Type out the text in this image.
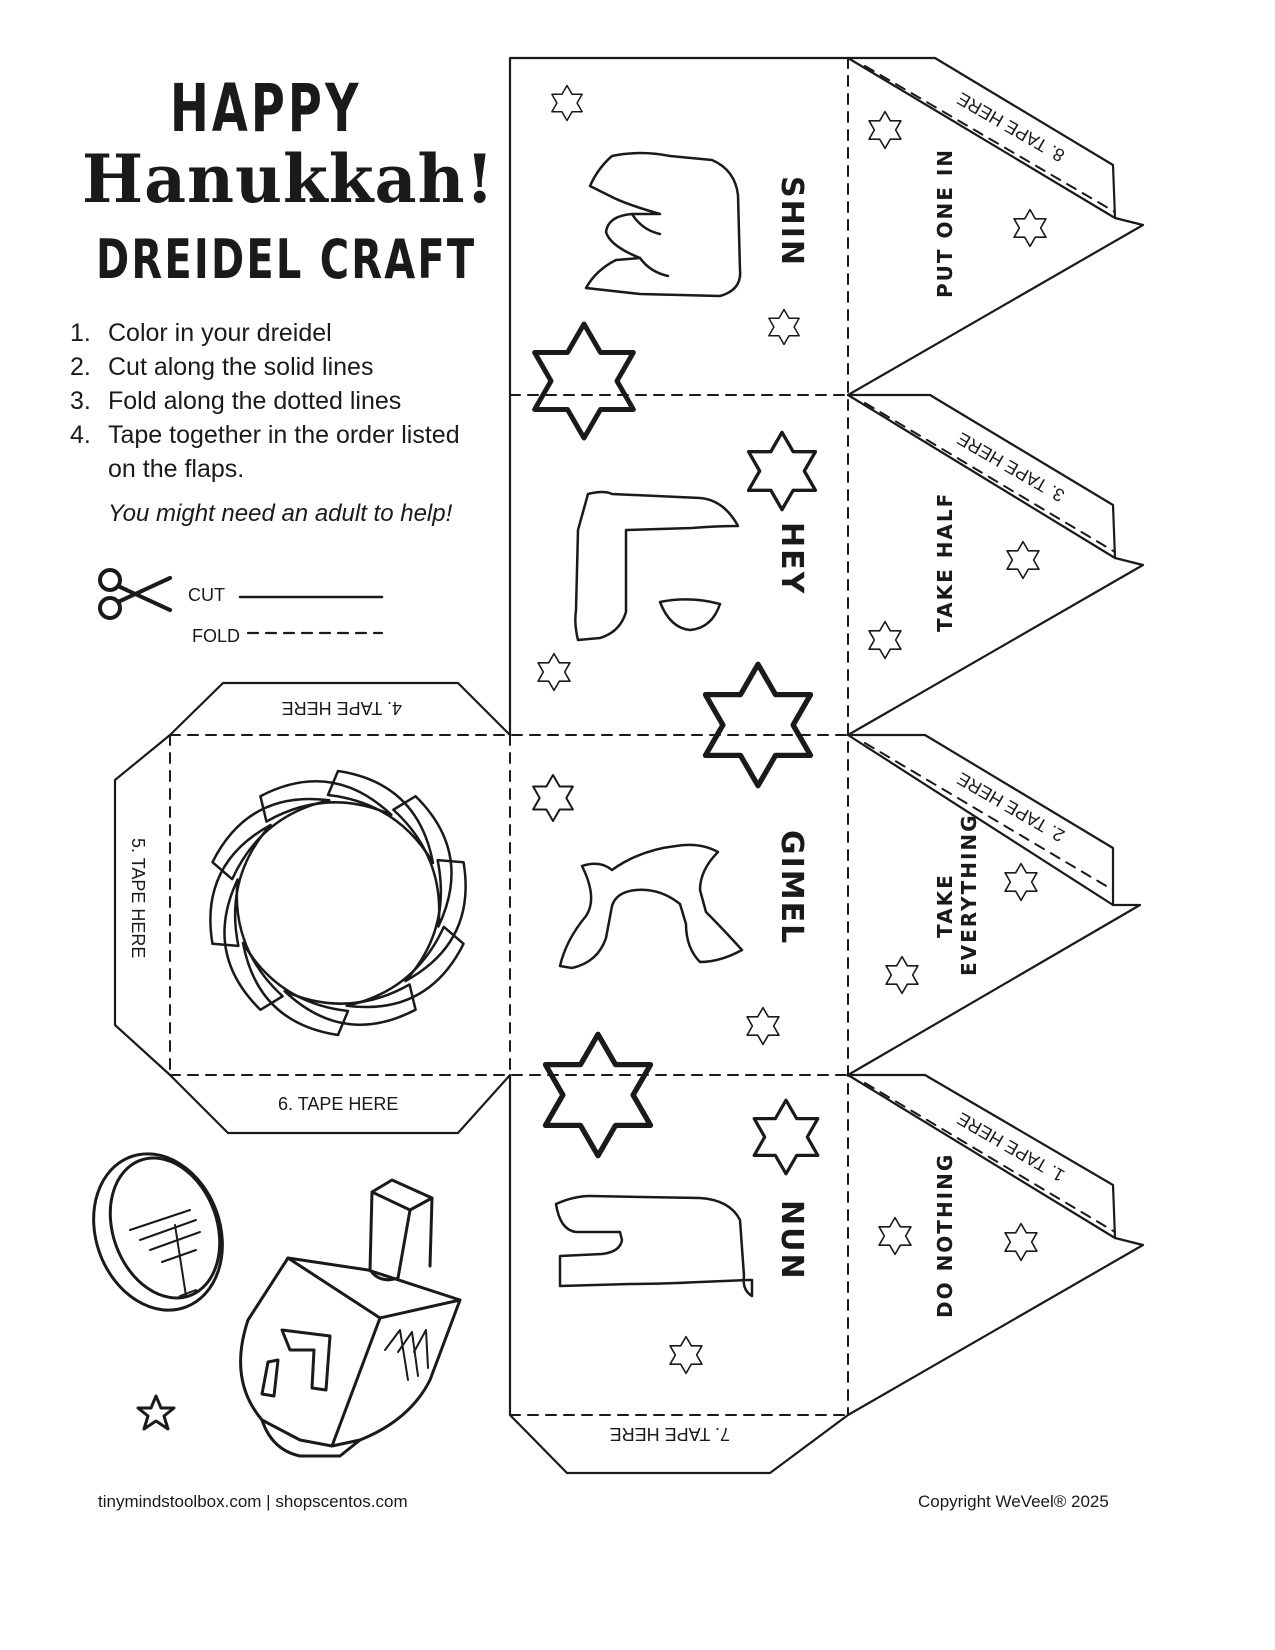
HAPPY
Hanukkah!
DREIDEL CRAFT
1. Color in your dreidel
2. Cut along the solid lines
3. Fold along the dotted lines
4. Tape together in the order listed on the flaps.
You might need an adult to help!
CUT
FOLD
SHIN
HEY
GIMEL
NUN
PUT ONE IN
TAKE HALF
TAKE EVERYTHING
DO NOTHING
8. TAPE HERE
3. TAPE HERE
2. TAPE HERE
1. TAPE HERE
4. TAPE HERE
5. TAPE HERE
6. TAPE HERE
7. TAPE HERE
tinymindstoolbox.com | shopscentos.com	Copyright WeVeel® 2025
